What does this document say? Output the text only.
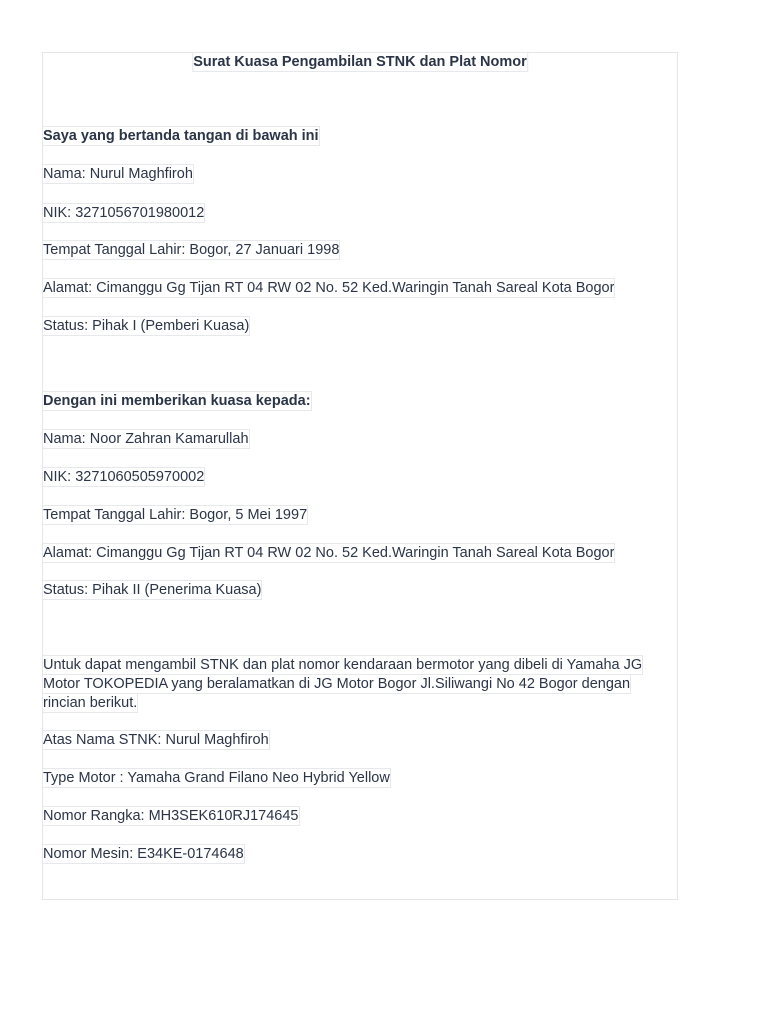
Surat Kuasa Pengambilan STNK dan Plat Nomor
Saya yang bertanda tangan di bawah ini
Nama: Nurul Maghfiroh
NIK: 3271056701980012
Tempat Tanggal Lahir: Bogor, 27 Januari 1998
Alamat: Cimanggu Gg Tijan RT 04 RW 02 No. 52 Ked.Waringin Tanah Sareal Kota Bogor
Status: Pihak I (Pemberi Kuasa)
Dengan ini memberikan kuasa kepada:
Nama: Noor Zahran Kamarullah
NIK: 3271060505970002
Tempat Tanggal Lahir: Bogor, 5 Mei 1997
Alamat: Cimanggu Gg Tijan RT 04 RW 02 No. 52 Ked.Waringin Tanah Sareal Kota Bogor
Status: Pihak II (Penerima Kuasa)
Untuk dapat mengambil STNK dan plat nomor kendaraan bermotor yang dibeli di Yamaha JG
Motor TOKOPEDIA yang beralamatkan di JG Motor Bogor Jl.Siliwangi No 42 Bogor dengan
rincian berikut.
Atas Nama STNK: Nurul Maghfiroh
Type Motor : Yamaha Grand Filano Neo Hybrid Yellow
Nomor Rangka: MH3SEK610RJ174645
Nomor Mesin: E34KE-0174648
